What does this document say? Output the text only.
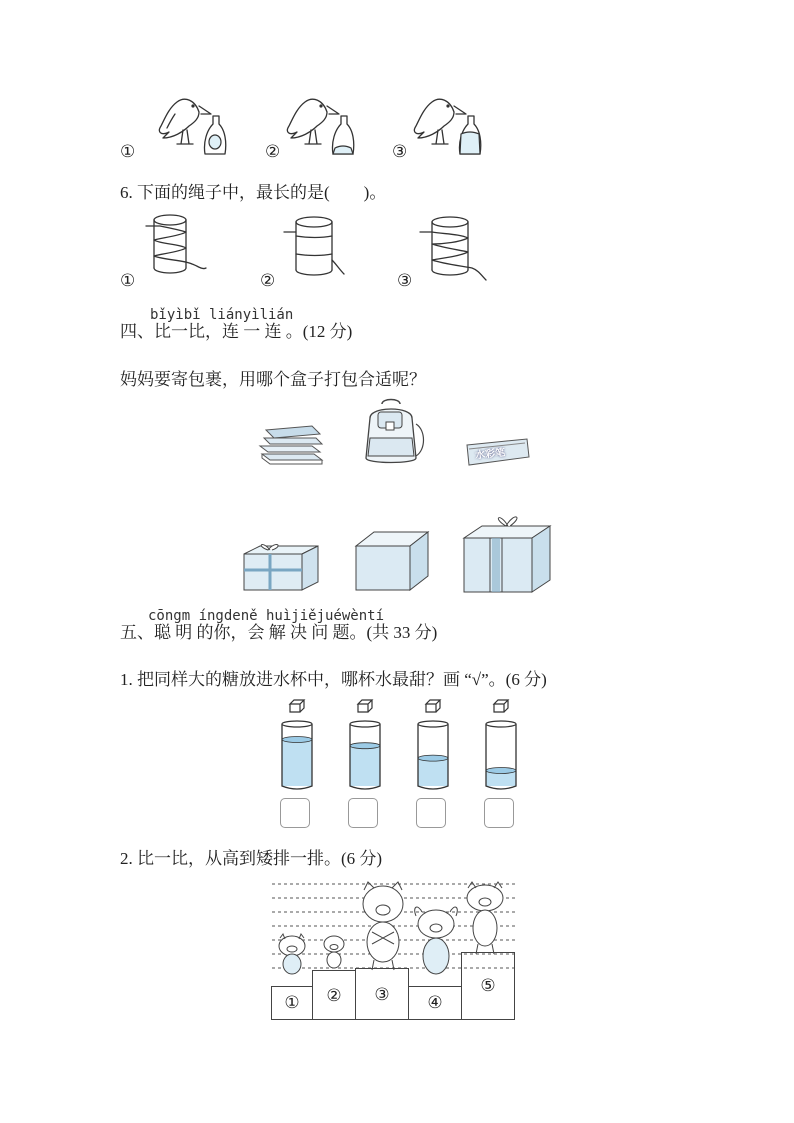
①	②	③
6. 下面的绳子中，最长的是(　　)。
①	②	③
bǐyìbǐ liányìlián
四、比一比，连 一 连 。(12 分)
妈妈要寄包裹，用哪个盒子打包合适呢？
水彩笔
cōngm íngdeně huìjiějuéwèntí
五、聪 明 的你，会 解 决 问 题。(共 33 分)
1. 把同样大的糖放进水杯中，哪杯水最甜？画 “√”。(6 分)
2. 比一比，从高到矮排一排。(6 分)
①	②	③	④
⑤
